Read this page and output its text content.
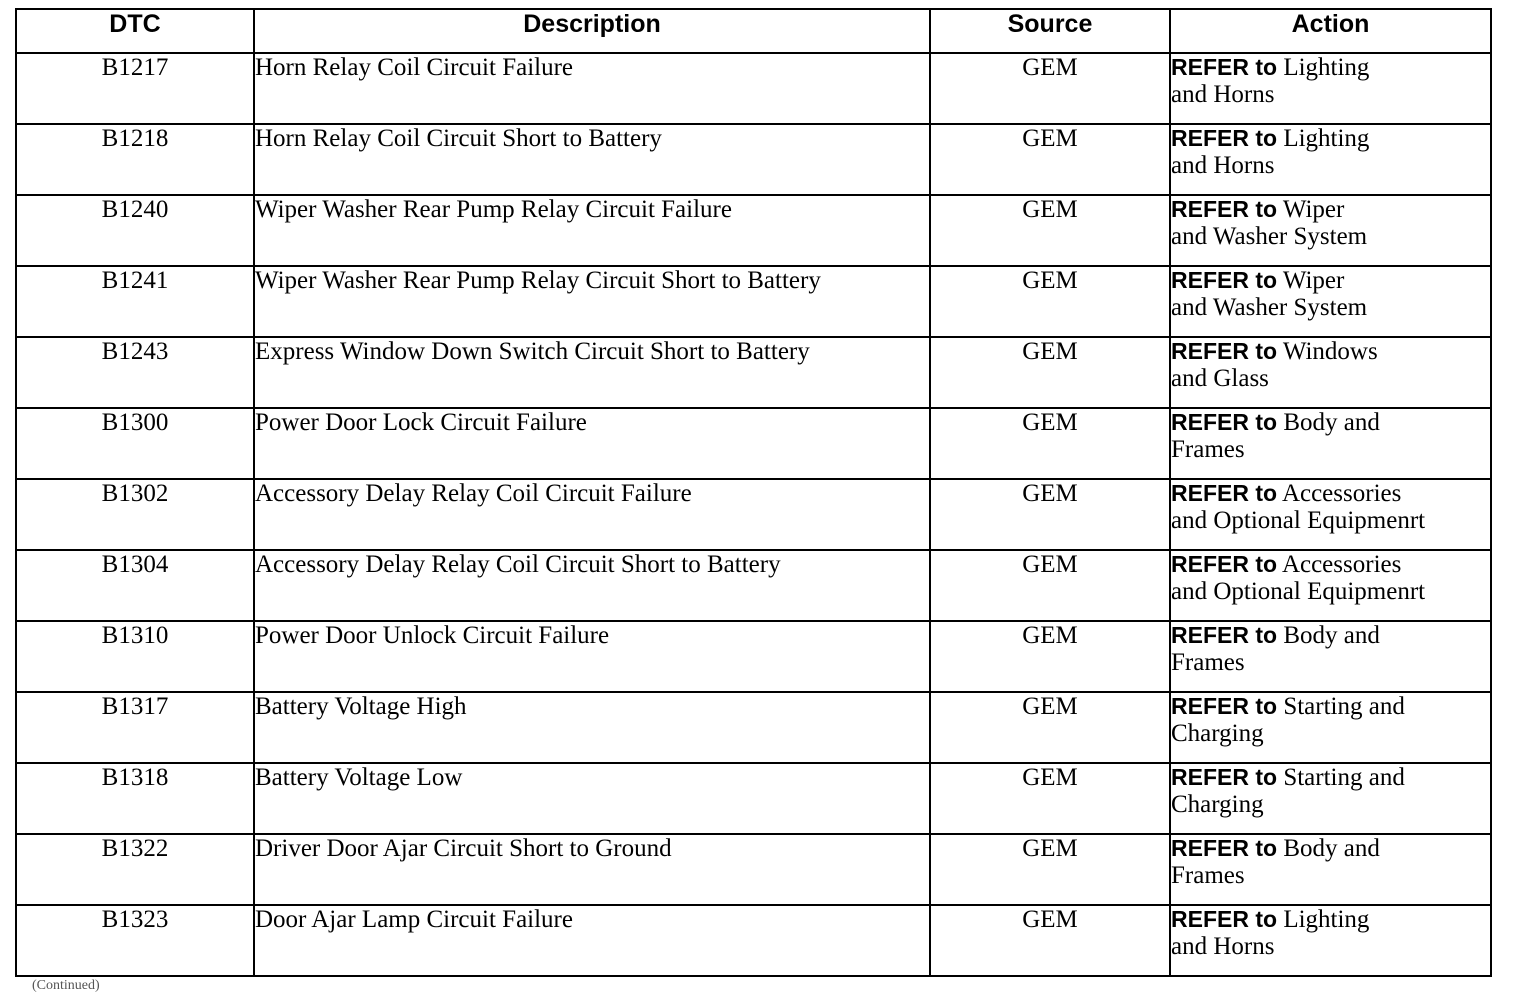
DTC	Description	Source	Action
B1217	Horn Relay Coil Circuit Failure	GEM	REFER to Lighting
and Horns

B1218	Horn Relay Coil Circuit Short to Battery	GEM	REFER to Lighting
and Horns

B1240	Wiper Washer Rear Pump Relay Circuit Failure	GEM	REFER to Wiper
and Washer System

B1241	Wiper Washer Rear Pump Relay Circuit Short to Battery	GEM	REFER to Wiper
and Washer System

B1243	Express Window Down Switch Circuit Short to Battery	GEM	REFER to Windows
and Glass

B1300	Power Door Lock Circuit Failure	GEM	REFER to Body and
Frames

B1302	Accessory Delay Relay Coil Circuit Failure	GEM	REFER to Accessories
and Optional Equipmenrt

B1304	Accessory Delay Relay Coil Circuit Short to Battery	GEM	REFER to Accessories
and Optional Equipmenrt

B1310	Power Door Unlock Circuit Failure	GEM	REFER to Body and
Frames

B1317	Battery Voltage High	GEM	REFER to Starting and
Charging

B1318	Battery Voltage Low	GEM	REFER to Starting and
Charging

B1322	Driver Door Ajar Circuit Short to Ground	GEM	REFER to Body and
Frames

B1323	Door Ajar Lamp Circuit Failure	GEM	REFER to Lighting
and Horns
(Continued)
